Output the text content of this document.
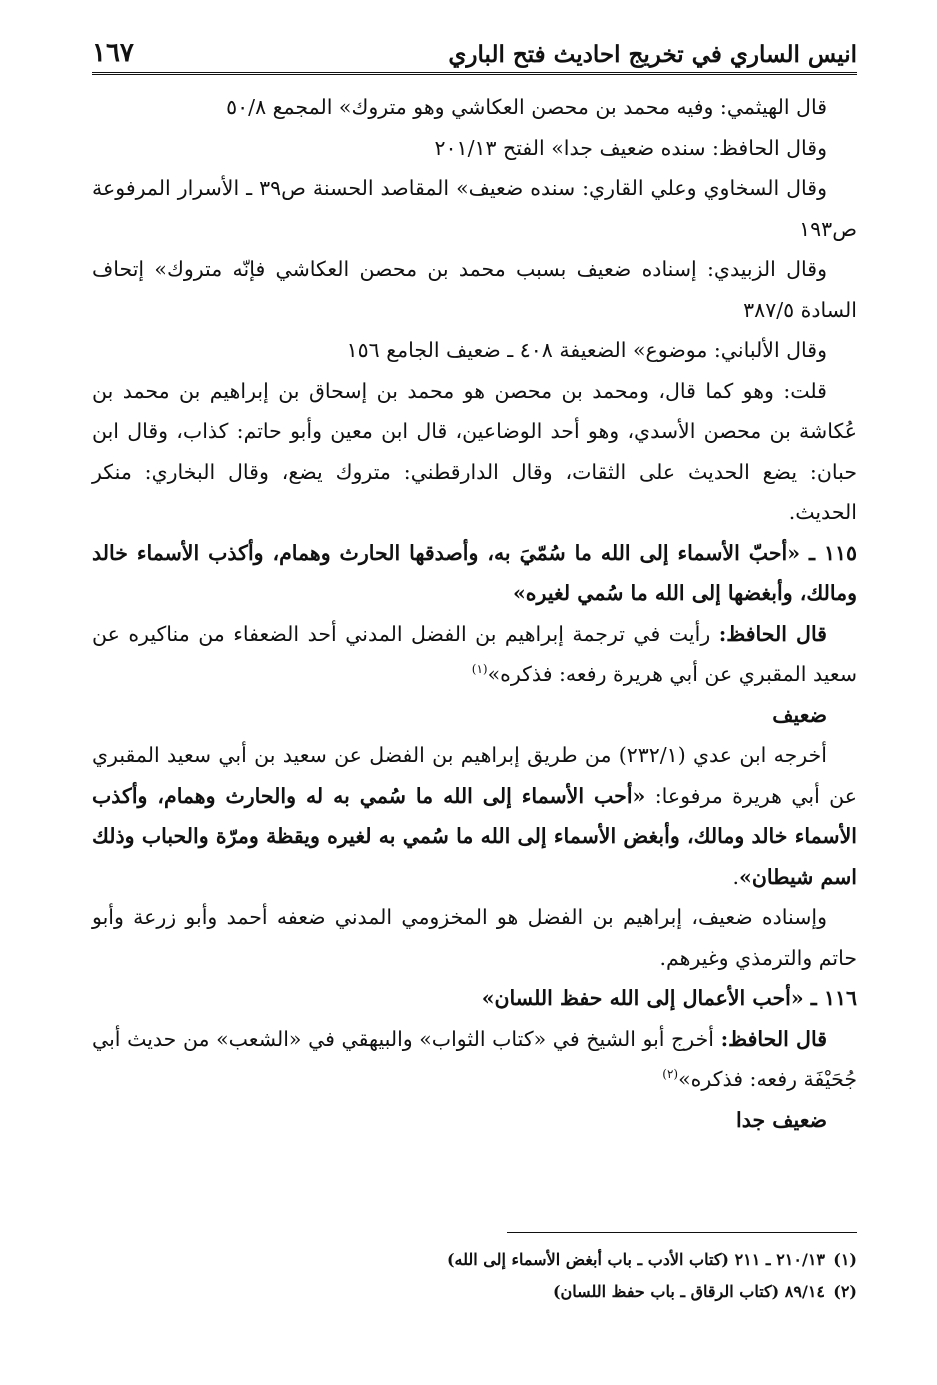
انيس الساري في تخريج احاديث فتح الباري
١٦٧

قال الهيثمي: وفيه محمد بن محصن العكاشي وهو متروك» المجمع ٥٠/٨

وقال الحافظ: سنده ضعيف جدا» الفتح ٢٠١/١٣

وقال السخاوي وعلي القاري: سنده ضعيف» المقاصد الحسنة ص٣٩ ـ الأسرار المرفوعة ص١٩٣

وقال الزبيدي: إسناده ضعيف بسبب محمد بن محصن العكاشي فإنّه متروك» إتحاف السادة ٣٨٧/٥

وقال الألباني: موضوع» الضعيفة ٤٠٨ ـ ضعيف الجامع ١٥٦

قلت: وهو كما قال، ومحمد بن محصن هو محمد بن إسحاق بن إبراهيم بن محمد بن عُكاشة بن محصن الأسدي، وهو أحد الوضاعين، قال ابن معين وأبو حاتم: كذاب، وقال ابن حبان: يضع الحديث على الثقات، وقال الدارقطني: متروك يضع، وقال البخاري: منكر الحديث.

١١٥ ـ «أحبّ الأسماء إلى الله ما سُمّيَ به، وأصدقها الحارث وهمام، وأكذب الأسماء خالد ومالك، وأبغضها إلى الله ما سُمي لغيره»

قال الحافظ: رأيت في ترجمة إبراهيم بن الفضل المدني أحد الضعفاء من مناكيره عن سعيد المقبري عن أبي هريرة رفعه: فذكره»$^{(١)}$

ضعيف

أخرجه ابن عدي (٢٣٢/١) من طريق إبراهيم بن الفضل عن سعيد بن أبي سعيد المقبري عن أبي هريرة مرفوعا: «أحب الأسماء إلى الله ما سُمي به له والحارث وهمام، وأكذب الأسماء خالد ومالك، وأبغض الأسماء إلى الله ما سُمي به لغيره ويقظة ومرّة والحباب وذلك اسم شيطان».

وإسناده ضعيف، إبراهيم بن الفضل هو المخزومي المدني ضعفه أحمد وأبو زرعة وأبو حاتم والترمذي وغيرهم.

١١٦ ـ «أحب الأعمال إلى الله حفظ اللسان»

قال الحافظ: أخرج أبو الشيخ في «كتاب الثواب» والبيهقي في «الشعب» من حديث أبي جُحَيْفَة رفعه: فذكره»$^{(٢)}$

ضعيف جدا

(١)٢١٠/١٣ ـ ٢١١ (كتاب الأدب ـ باب أبغض الأسماء إلى الله)
(٢)٨٩/١٤ (كتاب الرقاق ـ باب حفظ اللسان)
